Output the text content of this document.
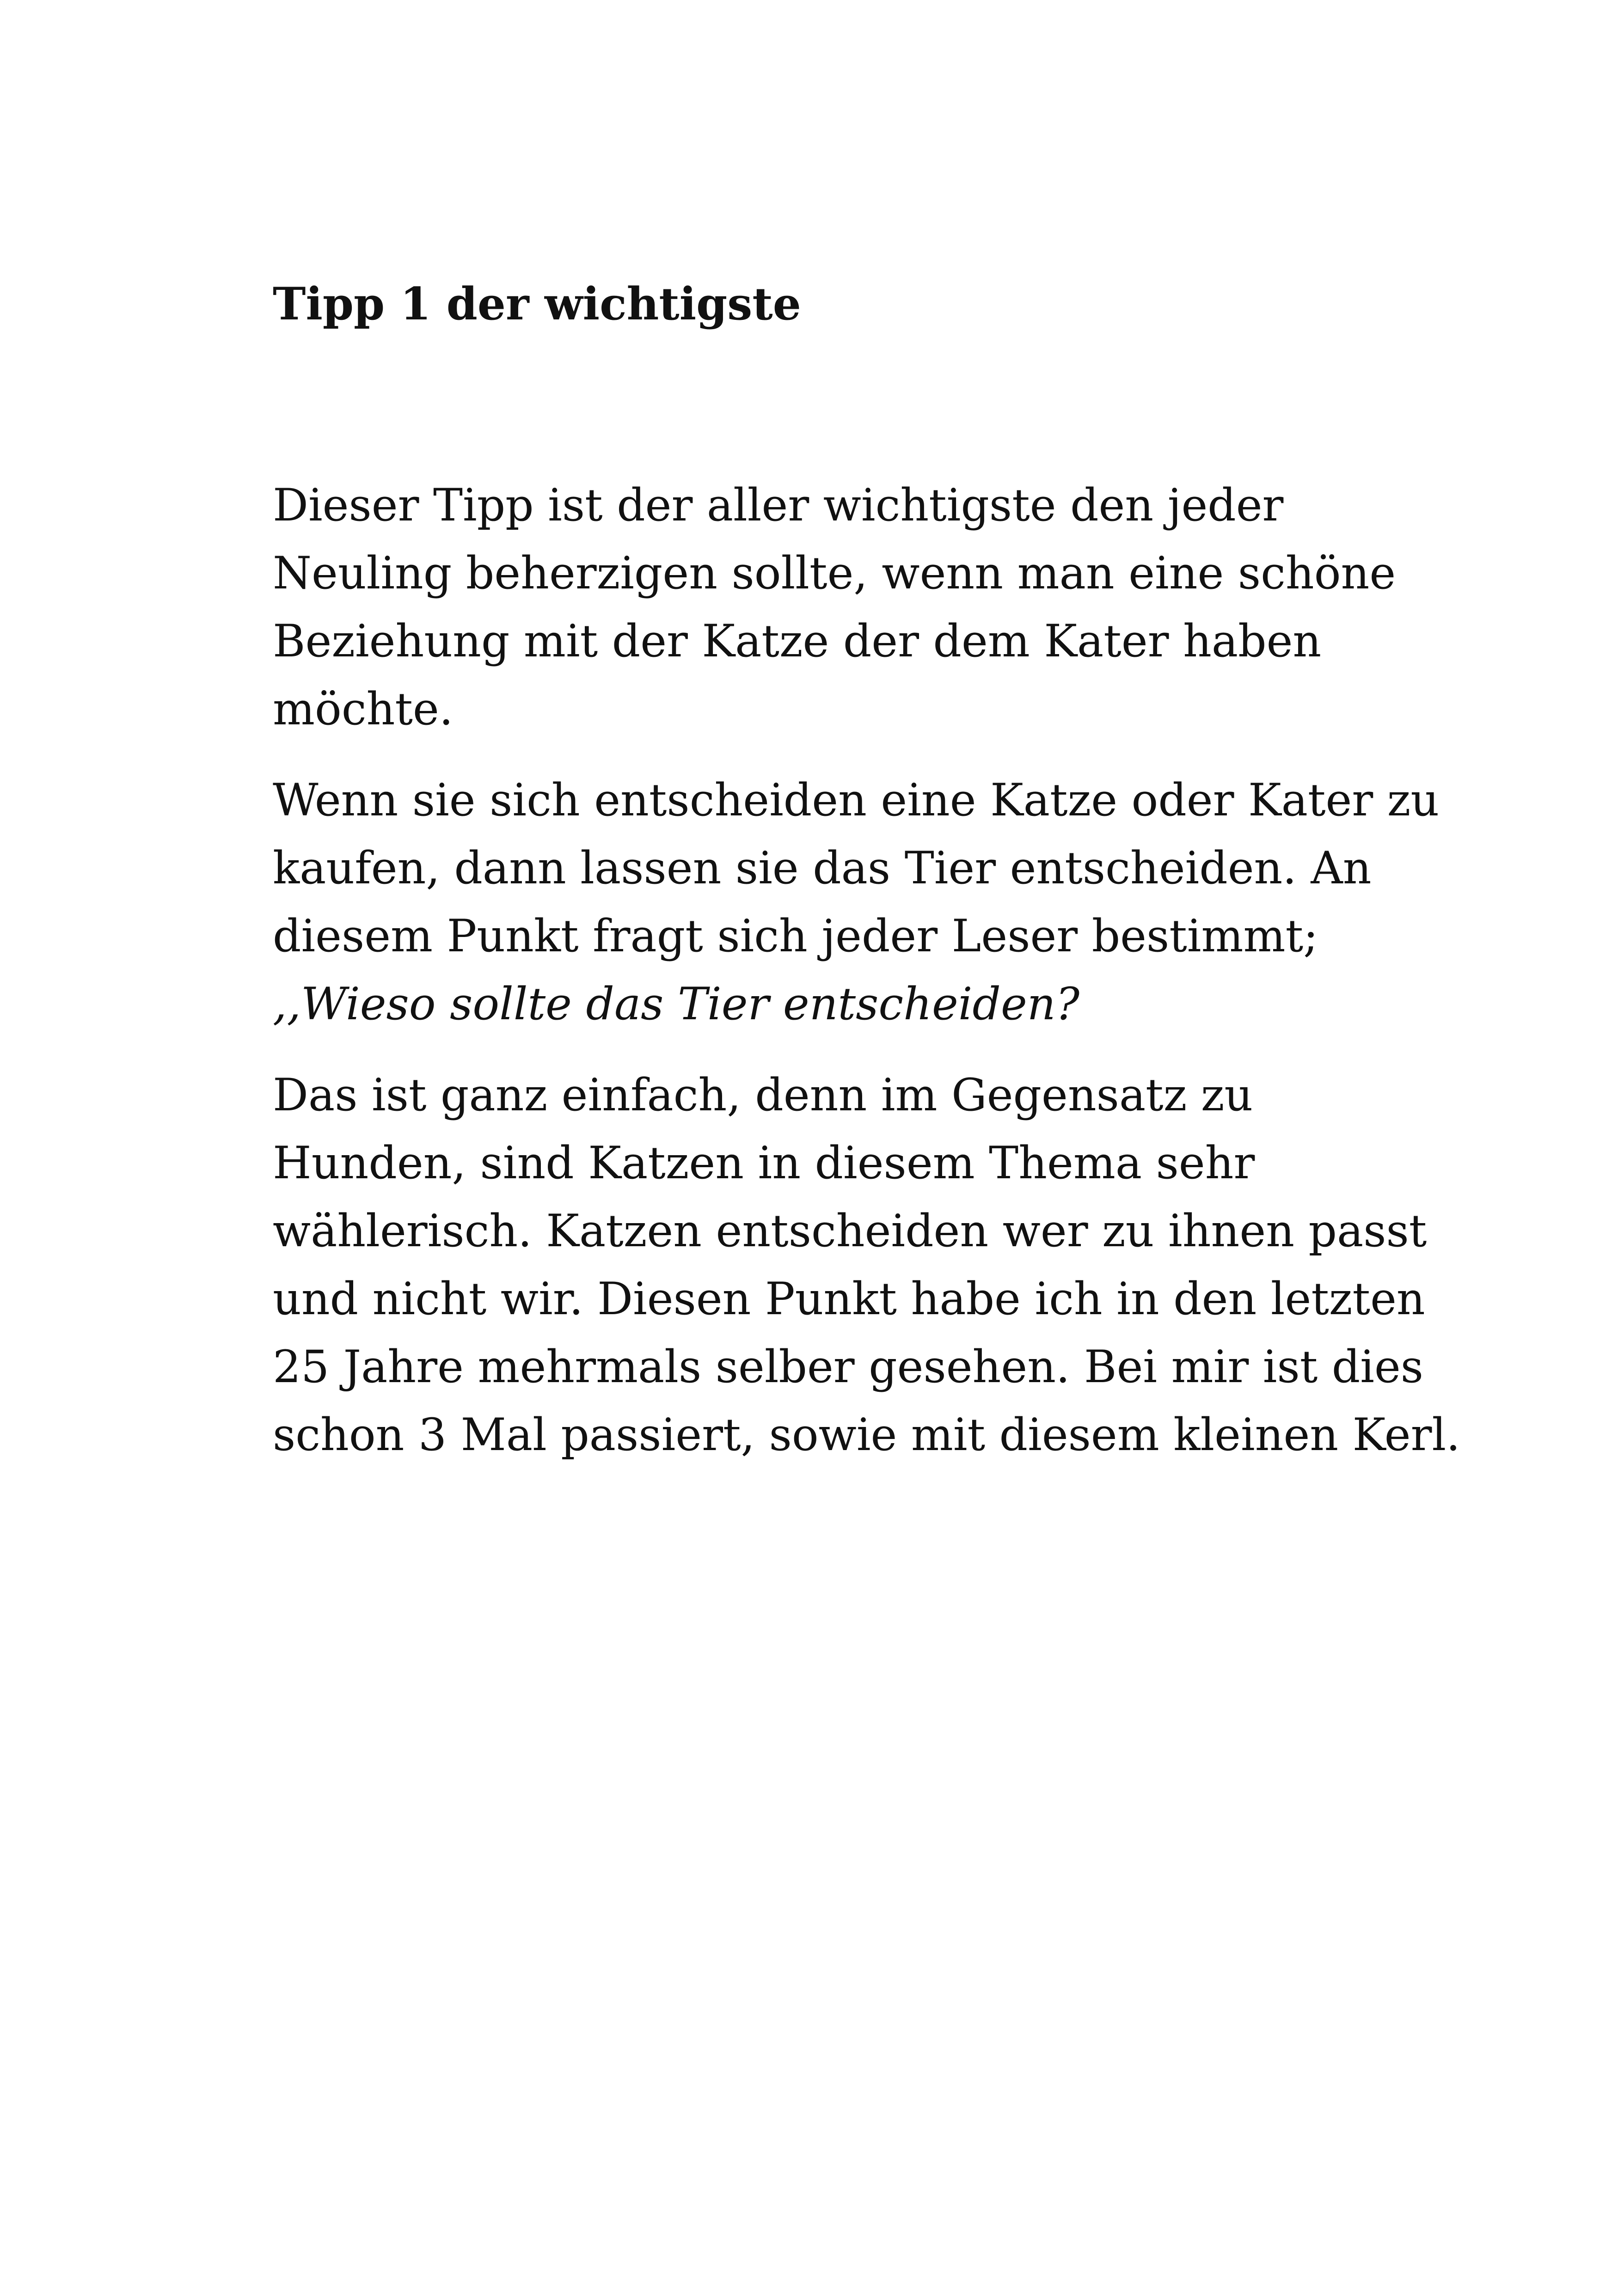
Tipp 1 der wichtigste

Dieser Tipp ist der aller wichtigste den jeder
Neuling beherzigen sollte, wenn man eine schöne
Beziehung mit der Katze der dem Kater haben
möchte.

Wenn sie sich entscheiden eine Katze oder Kater zu
kaufen, dann lassen sie das Tier entscheiden. An
diesem Punkt fragt sich jeder Leser bestimmt;
,,Wieso sollte das Tier entscheiden?

Das ist ganz einfach, denn im Gegensatz zu
Hunden, sind Katzen in diesem Thema sehr
wählerisch. Katzen entscheiden wer zu ihnen passt
und nicht wir. Diesen Punkt habe ich in den letzten
25 Jahre mehrmals selber gesehen. Bei mir ist dies
schon 3 Mal passiert, sowie mit diesem kleinen Kerl.
